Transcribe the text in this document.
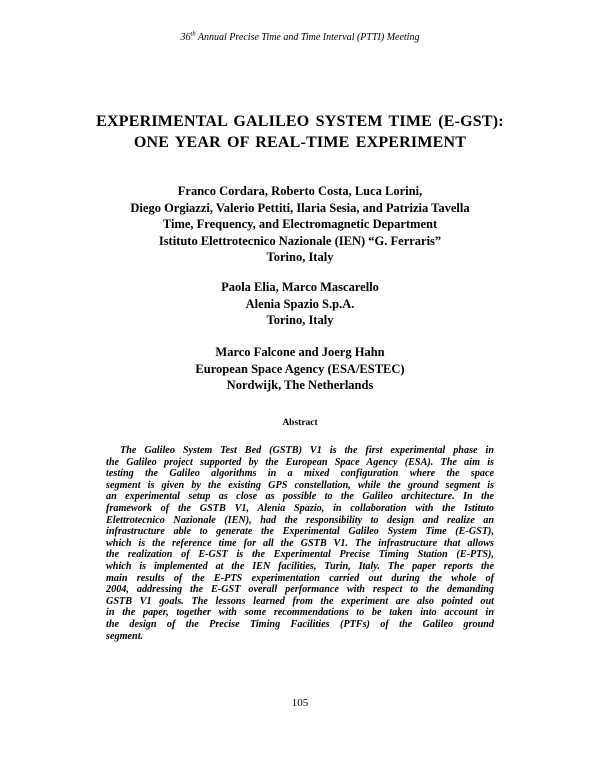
36th Annual Precise Time and Time Interval (PTTI) Meeting
EXPERIMENTAL GALILEO SYSTEM TIME (E-GST):
ONE YEAR OF REAL-TIME EXPERIMENT
Franco Cordara, Roberto Costa, Luca Lorini,
Diego Orgiazzi, Valerio Pettiti, Ilaria Sesia, and Patrizia Tavella
Time, Frequency, and Electromagnetic Department
Istituto Elettrotecnico Nazionale (IEN) “G. Ferraris”
Torino, Italy
Paola Elia, Marco Mascarello
Alenia Spazio S.p.A.
Torino, Italy
Marco Falcone and Joerg Hahn
European Space Agency (ESA/ESTEC)
Nordwijk, The Netherlands
Abstract
The Galileo System Test Bed (GSTB) V1 is the first experimental phase in
the Galileo project supported by the European Space Agency (ESA). The aim is
testing the Galileo algorithms in a mixed configuration where the space
segment is given by the existing GPS constellation, while the ground segment is
an experimental setup as close as possible to the Galileo architecture. In the
framework of the GSTB V1, Alenia Spazio, in collaboration with the Istituto
Elettrotecnico Nazionale (IEN), had the responsibility to design and realize an
infrastructure able to generate the Experimental Galileo System Time (E-GST),
which is the reference time for all the GSTB V1. The infrastructure that allows
the realization of E-GST is the Experimental Precise Timing Station (E-PTS),
which is implemented at the IEN facilities, Turin, Italy. The paper reports the
main results of the E-PTS experimentation carried out during the whole of
2004, addressing the E-GST overall performance with respect to the demanding
GSTB V1 goals. The lessons learned from the experiment are also pointed out
in the paper, together with some recommendations to be taken into account in
the design of the Precise Timing Facilities (PTFs) of the Galileo ground
segment.
105
